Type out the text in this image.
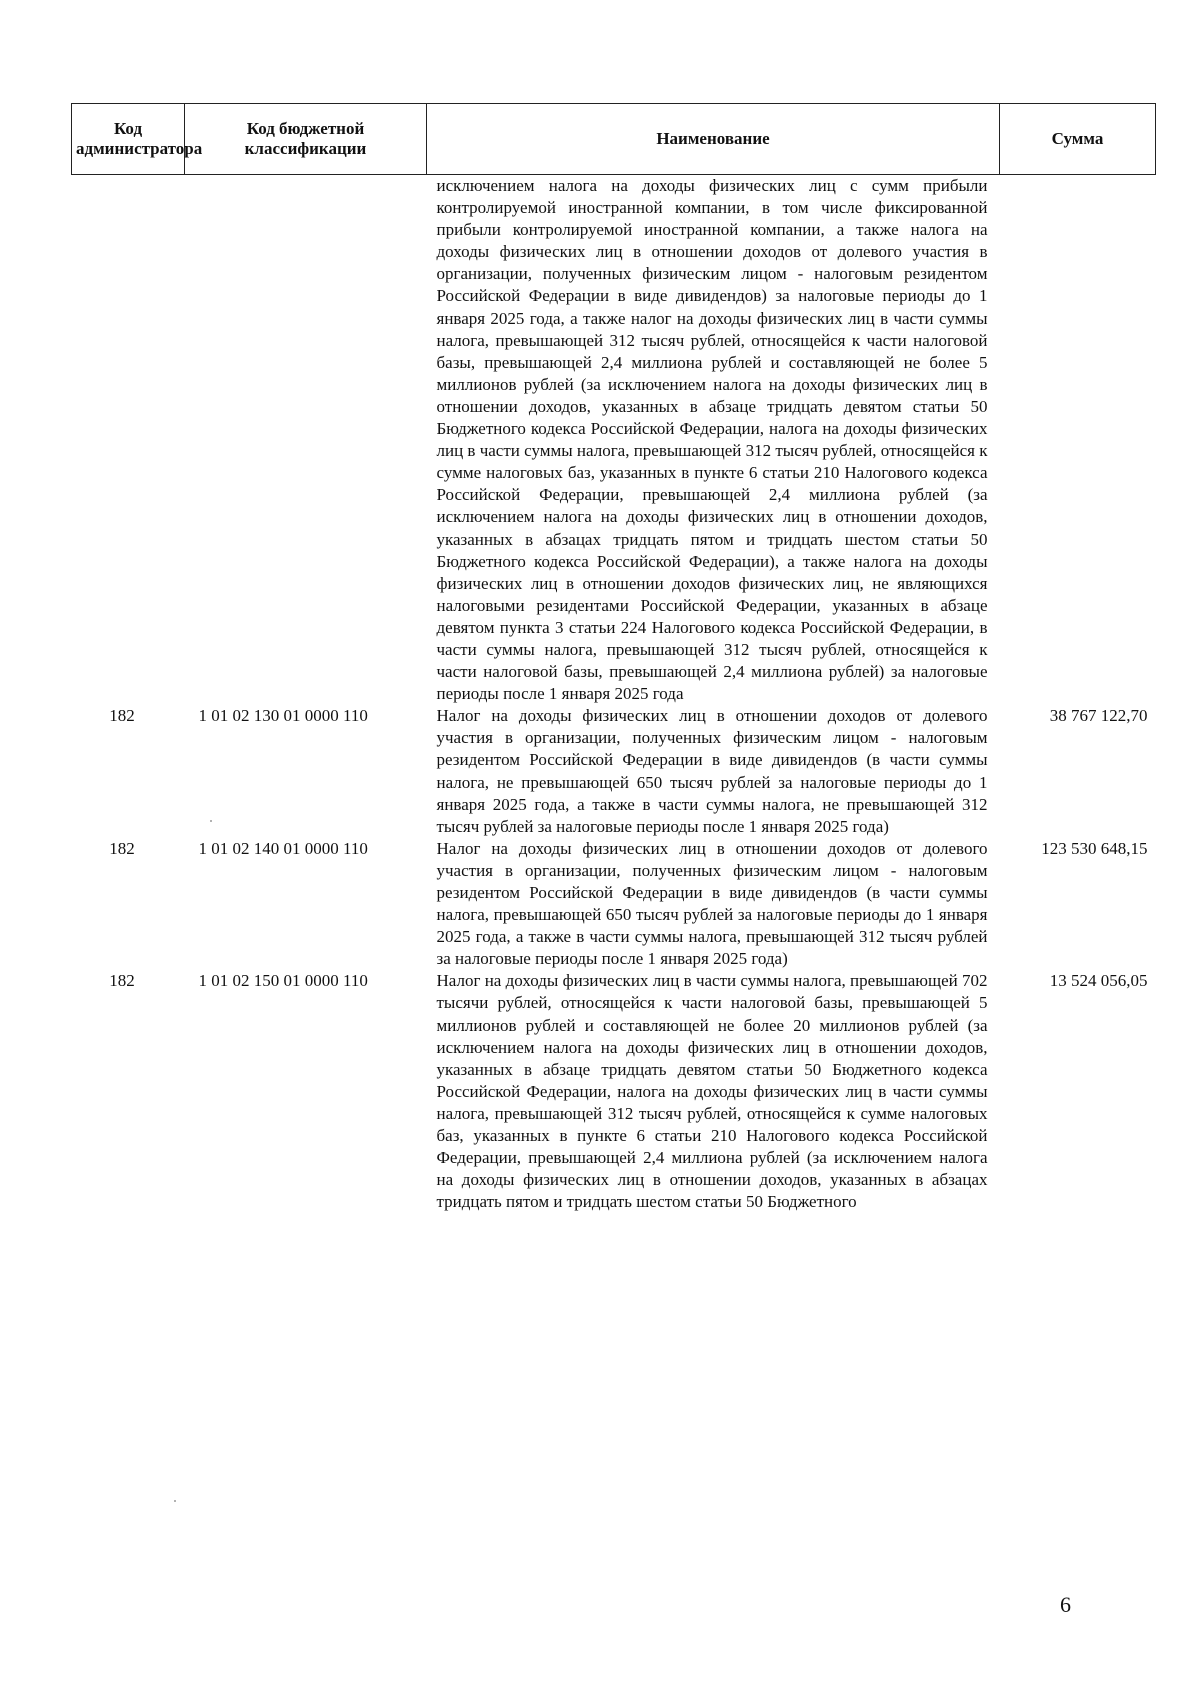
Код администратора	Код бюджетной классификации	Наименование	Сумма
		исключением налога на доходы физических лиц с сумм прибыли контролируемой иностранной компании, в том числе фиксированной прибыли контролируемой иностранной компании, а также налога на доходы физических лиц в отношении доходов от долевого участия в организации, полученных физическим лицом - налоговым резидентом Российской Федерации в виде дивидендов) за налоговые периоды до 1 января 2025 года, а также налог на доходы физических лиц в части суммы налога, превышающей 312 тысяч рублей, относящейся к части налоговой базы, превышающей 2,4 миллиона рублей и составляющей не более 5 миллионов рублей (за исключением налога на доходы физических лиц в отношении доходов, указанных в абзаце тридцать девятом статьи 50 Бюджетного кодекса Российской Федерации, налога на доходы физических лиц в части суммы налога, превышающей 312 тысяч рублей, относящейся к сумме налоговых баз, указанных в пункте 6 статьи 210 Налогового кодекса Российской Федерации, превышающей 2,4 миллиона рублей (за исключением налога на доходы физических лиц в отношении доходов, указанных в абзацах тридцать пятом и тридцать шестом статьи 50 Бюджетного кодекса Российской Федерации), а также налога на доходы физических лиц в отношении доходов физических лиц, не являющихся налоговыми резидентами Российской Федерации, указанных в абзаце девятом пункта 3 статьи 224 Налогового кодекса Российской Федерации, в части суммы налога, превышающей 312 тысяч рублей, относящейся к части налоговой базы, превышающей 2,4 миллиона рублей) за налоговые периоды после 1 января 2025 года	
182	1 01 02 130 01 0000 110	Налог на доходы физических лиц в отношении доходов от долевого участия в организации, полученных физическим лицом - налоговым резидентом Российской Федерации в виде дивидендов (в части суммы налога, не превышающей 650 тысяч рублей за налоговые периоды до 1 января 2025 года, а также в части суммы налога, не превышающей 312 тысяч рублей за налоговые периоды после 1 января 2025 года)	38 767 122,70
182	1 01 02 140 01 0000 110	Налог на доходы физических лиц в отношении доходов от долевого участия в организации, полученных физическим лицом - налоговым резидентом Российской Федерации в виде дивидендов (в части суммы налога, превышающей 650 тысяч рублей за налоговые периоды до 1 января 2025 года, а также в части суммы налога, превышающей 312 тысяч рублей за налоговые периоды после 1 января 2025 года)	123 530 648,15
182	1 01 02 150 01 0000 110	Налог на доходы физических лиц в части суммы налога, превышающей 702 тысячи рублей, относящейся к части налоговой базы, превышающей 5 миллионов рублей и составляющей не более 20 миллионов рублей (за исключением налога на доходы физических лиц в отношении доходов, указанных в абзаце тридцать девятом статьи 50 Бюджетного кодекса Российской Федерации, налога на доходы физических лиц в части суммы налога, превышающей 312 тысяч рублей, относящейся к сумме налоговых баз, указанных в пункте 6 статьи 210 Налогового кодекса Российской Федерации, превышающей 2,4 миллиона рублей (за исключением налога на доходы физических лиц в отношении доходов, указанных в абзацах тридцать пятом и тридцать шестом статьи 50 Бюджетного	13 524 056,05
6
